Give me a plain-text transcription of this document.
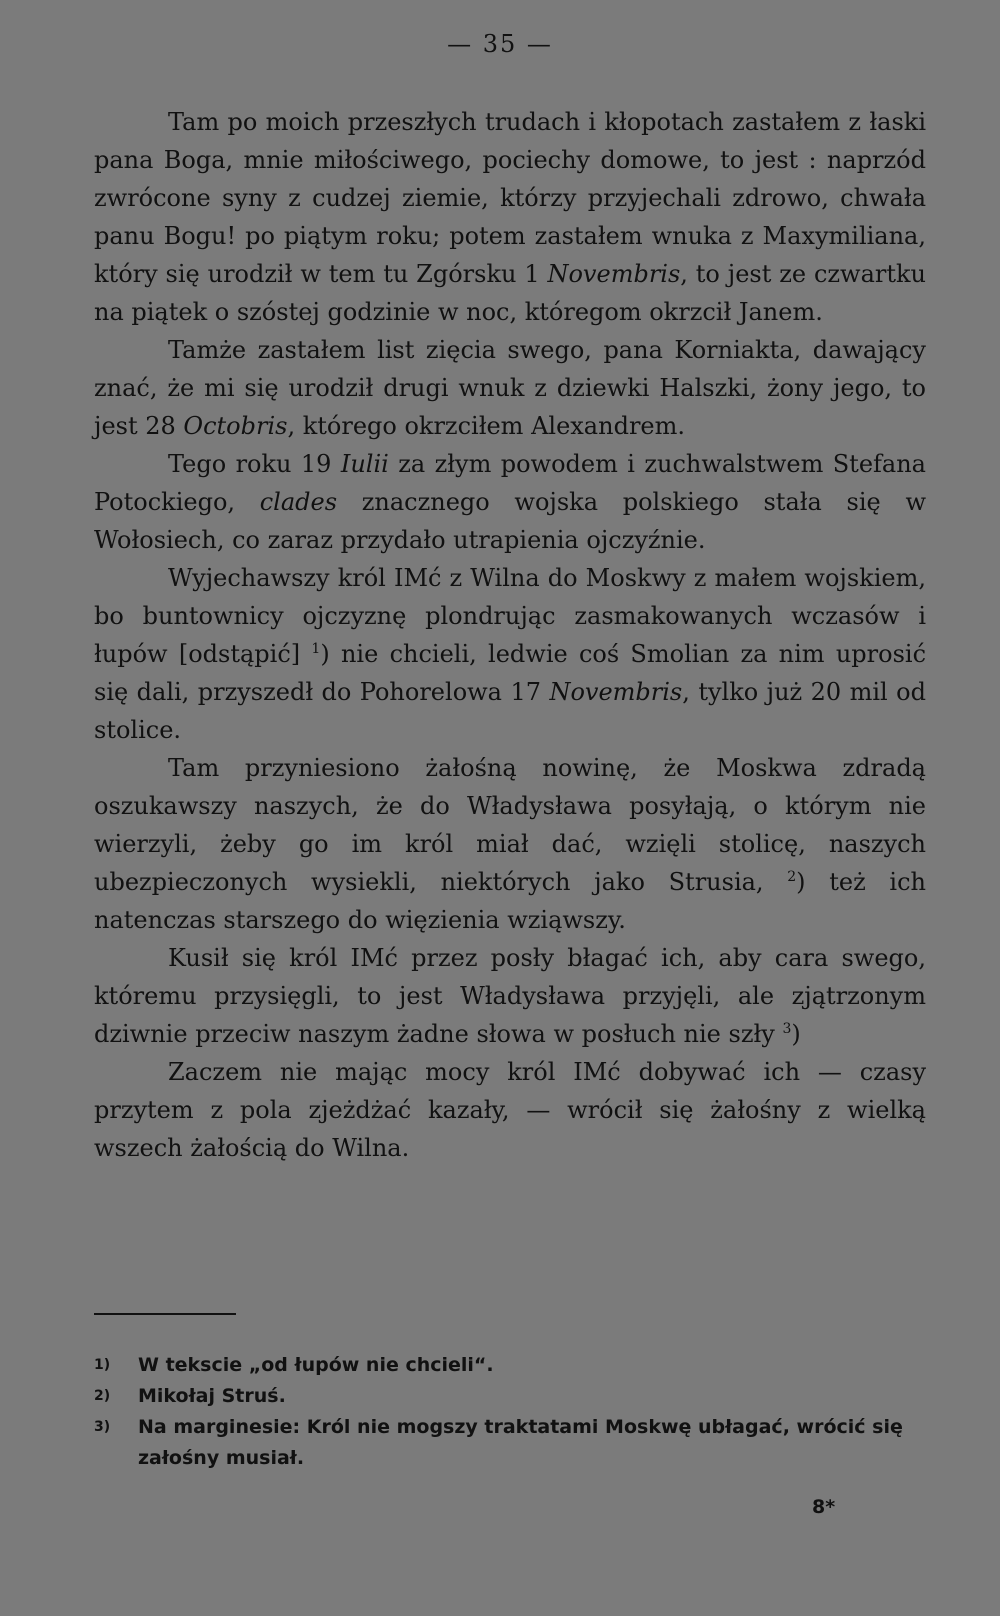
— 35 —

Tam po moich przeszłych trudach i kłopotach zastałem z łaski pana Boga, mnie miłościwego, pociechy domowe, to jest : naprzód zwrócone syny z cudzej ziemie, którzy przyjechali zdrowo, chwała panu Bogu! po piątym roku; potem zastałem wnuka z Maxymiliana, który się urodził w tem tu Zgórsku 1 Novembris, to jest ze czwartku na piątek o szóstej godzinie w noc, któregom okrzcił Janem.

Tamże zastałem list zięcia swego, pana Korniakta, dawający znać, że mi się urodził drugi wnuk z dziewki Halszki, żony jego, to jest 28 Octobris, którego okrzciłem Alexandrem.

Tego roku 19 Iulii za złym powodem i zuchwalstwem Stefana Potockiego, clades znacznego wojska polskiego stała się w Wołosiech, co zaraz przydało utrapienia ojczyźnie.

Wyjechawszy król IMć z Wilna do Moskwy z małem wojskiem, bo buntownicy ojczyznę plondrując zasmakowanych wczasów i łupów [odstąpić] $^1$) nie chcieli, ledwie coś Smolian za nim uprosić się dali, przyszedł do Pohorelowa 17 Novembris, tylko już 20 mil od stolice.

Tam przyniesiono żałośną nowinę, że Moskwa zdradą oszukawszy naszych, że do Władysława posyłają, o którym nie wierzyli, żeby go im król miał dać, wzięli stolicę, naszych ubezpieczonych wysiekli, niektórych jako Strusia, $^2$) też ich natenczas starszego do więzienia wziąwszy.

Kusił się król IMć przez posły błagać ich, aby cara swego, któremu przysięgli, to jest Władysława przyjęli, ale zjątrzonym dziwnie przeciw naszym żadne słowa w posłuch nie szły $^3$)

Zaczem nie mając mocy król IMć dobywać ich — czasy przytem z pola zjeżdżać kazały, — wrócił się żałośny z wielką wszech żałością do Wilna.

1)	W tekscie „od łupów nie chcieli“.

2)	Mikołaj Struś.

3)	Na marginesie: Król nie mogszy traktatami Moskwę ubłagać, wrócić się załośny musiał.

8*
